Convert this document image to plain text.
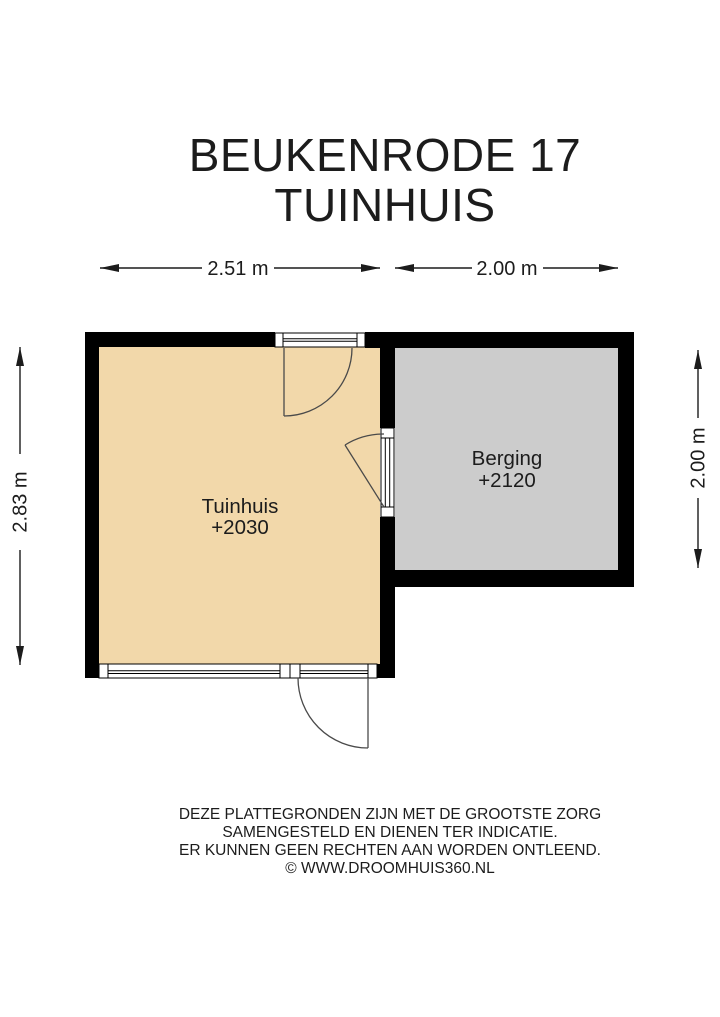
BEUKENRODE 17
TUINHUIS
2.51 m	2.00 m
2.83 m
2.00 m
Tuinhuis
+2030
Berging
+2120
DEZE PLATTEGRONDEN ZIJN MET DE GROOTSTE ZORG
SAMENGESTELD EN DIENEN TER INDICATIE.
ER KUNNEN GEEN RECHTEN AAN WORDEN ONTLEEND.
© WWW.DROOMHUIS360.NL
